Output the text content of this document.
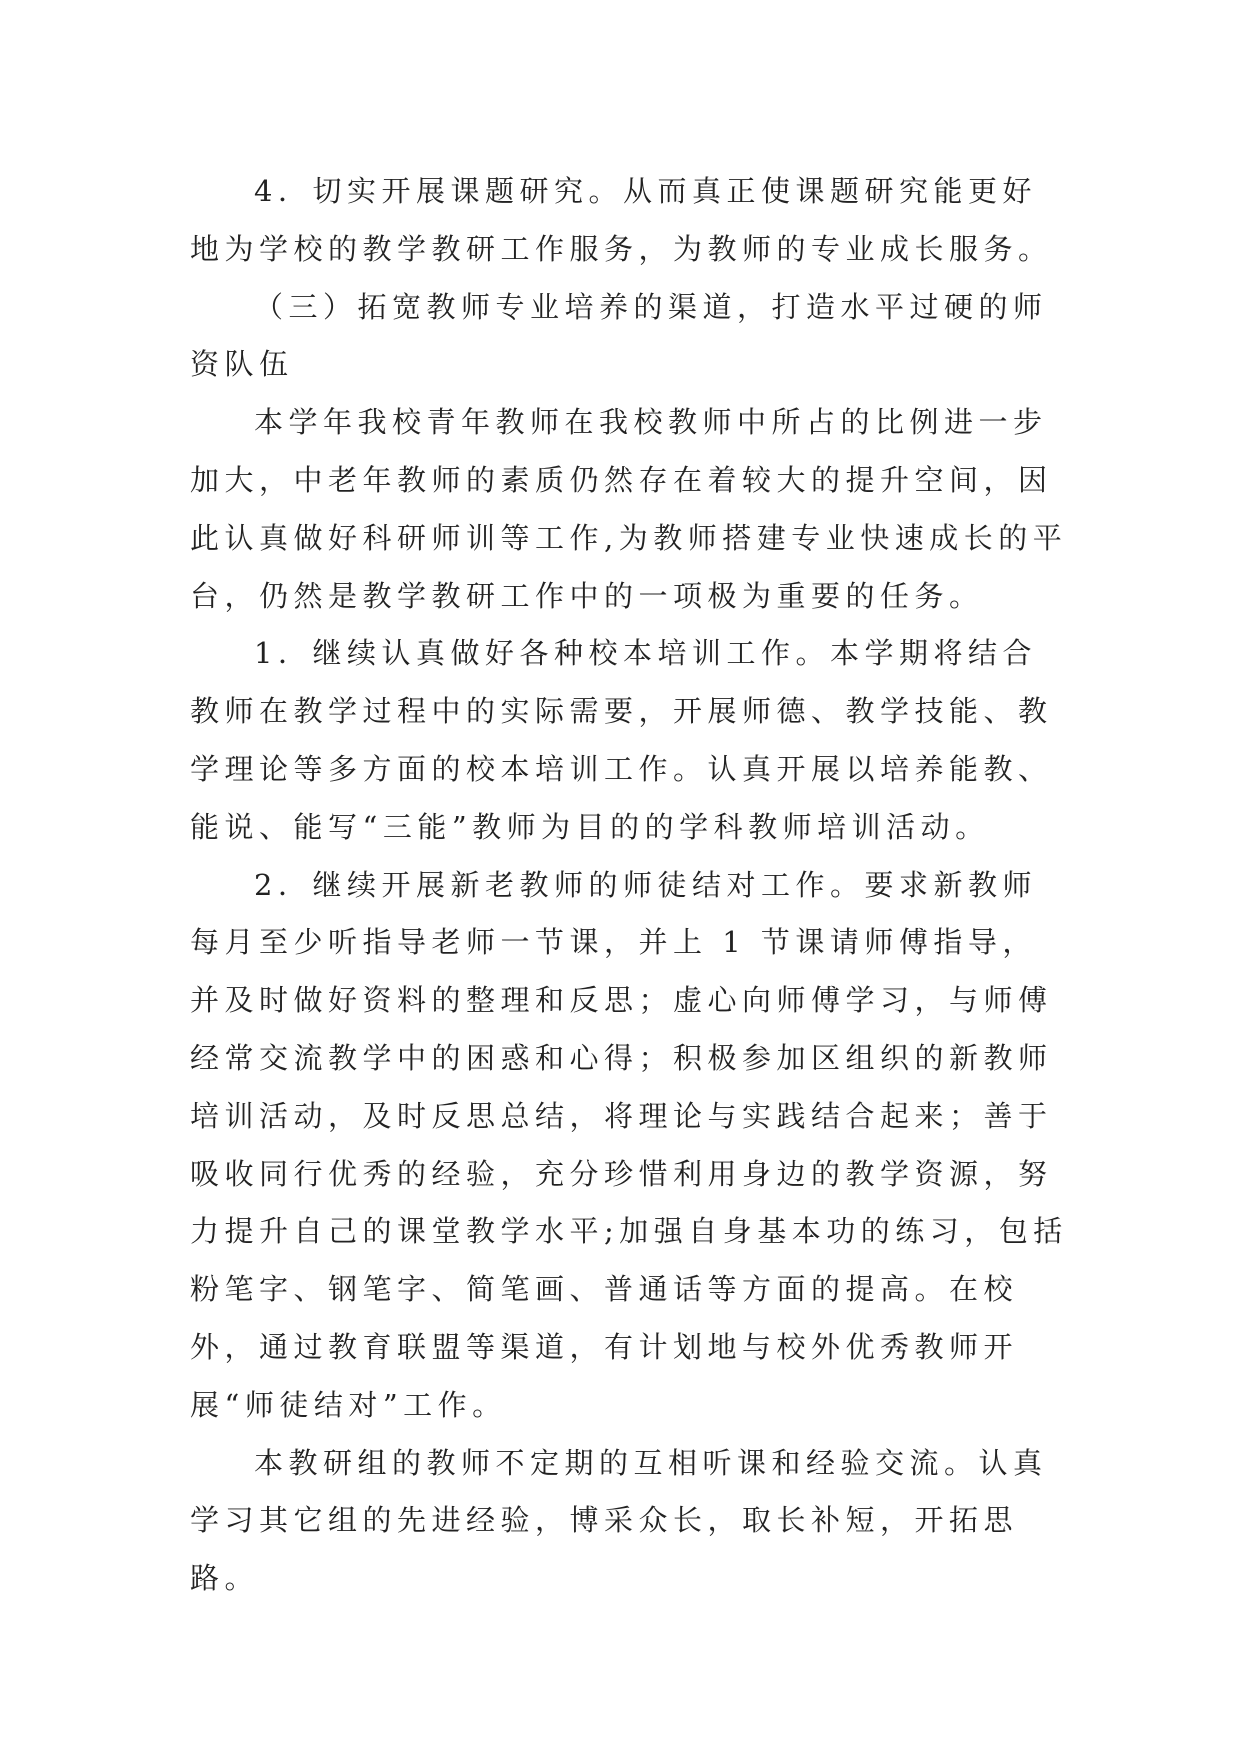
4．切实开展课题研究。从而真正使课题研究能更好地为学校的教学教研工作服务，为教师的专业成长服务。

（三）拓宽教师专业培养的渠道，打造水平过硬的师资队伍

本学年我校青年教师在我校教师中所占的比例进一步加大，中老年教师的素质仍然存在着较大的提升空间，因此认真做好科研师训等工作,为教师搭建专业快速成长的平台，仍然是教学教研工作中的一项极为重要的任务。

1．继续认真做好各种校本培训工作。本学期将结合教师在教学过程中的实际需要，开展师德、教学技能、教学理论等多方面的校本培训工作。认真开展以培养能教、能说、能写“三能”教师为目的的学科教师培训活动。

2．继续开展新老教师的师徒结对工作。要求新教师每月至少听指导老师一节课，并上 1 节课请师傅指导，并及时做好资料的整理和反思；虚心向师傅学习，与师傅经常交流教学中的困惑和心得；积极参加区组织的新教师培训活动，及时反思总结，将理论与实践结合起来；善于吸收同行优秀的经验，充分珍惜利用身边的教学资源，努力提升自己的课堂教学水平;加强自身基本功的练习，包括粉笔字、钢笔字、简笔画、普通话等方面的提高。在校外，通过教育联盟等渠道，有计划地与校外优秀教师开展“师徒结对”工作。

本教研组的教师不定期的互相听课和经验交流。认真学习其它组的先进经验，博采众长，取长补短，开拓思路。
